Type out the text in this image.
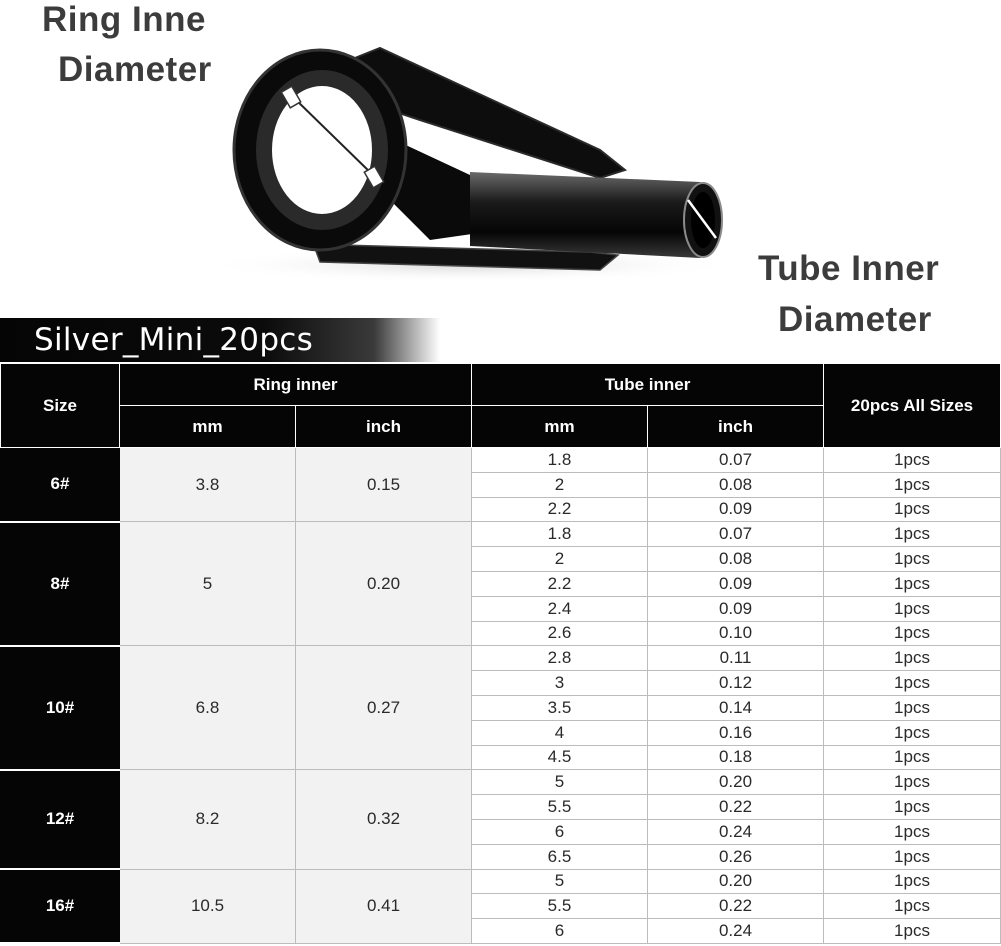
Ring Inne
Diameter
Tube Inner
Diameter
Silver_Mini_20pcs
Size	Ring inner		Tube inner		20pcs All Sizes
	mm	inch	mm	inch	
6#	3.8	0.15	1.8	0.07	1pcs
			2	0.08	1pcs
			2.2	0.09	1pcs
8#	5	0.20	1.8	0.07	1pcs
			2	0.08	1pcs
			2.2	0.09	1pcs
			2.4	0.09	1pcs
			2.6	0.10	1pcs
10#	6.8	0.27	2.8	0.11	1pcs
			3	0.12	1pcs
			3.5	0.14	1pcs
			4	0.16	1pcs
			4.5	0.18	1pcs
12#	8.2	0.32	5	0.20	1pcs
			5.5	0.22	1pcs
			6	0.24	1pcs
			6.5	0.26	1pcs
16#	10.5	0.41	5	0.20	1pcs
			5.5	0.22	1pcs
			6	0.24	1pcs
